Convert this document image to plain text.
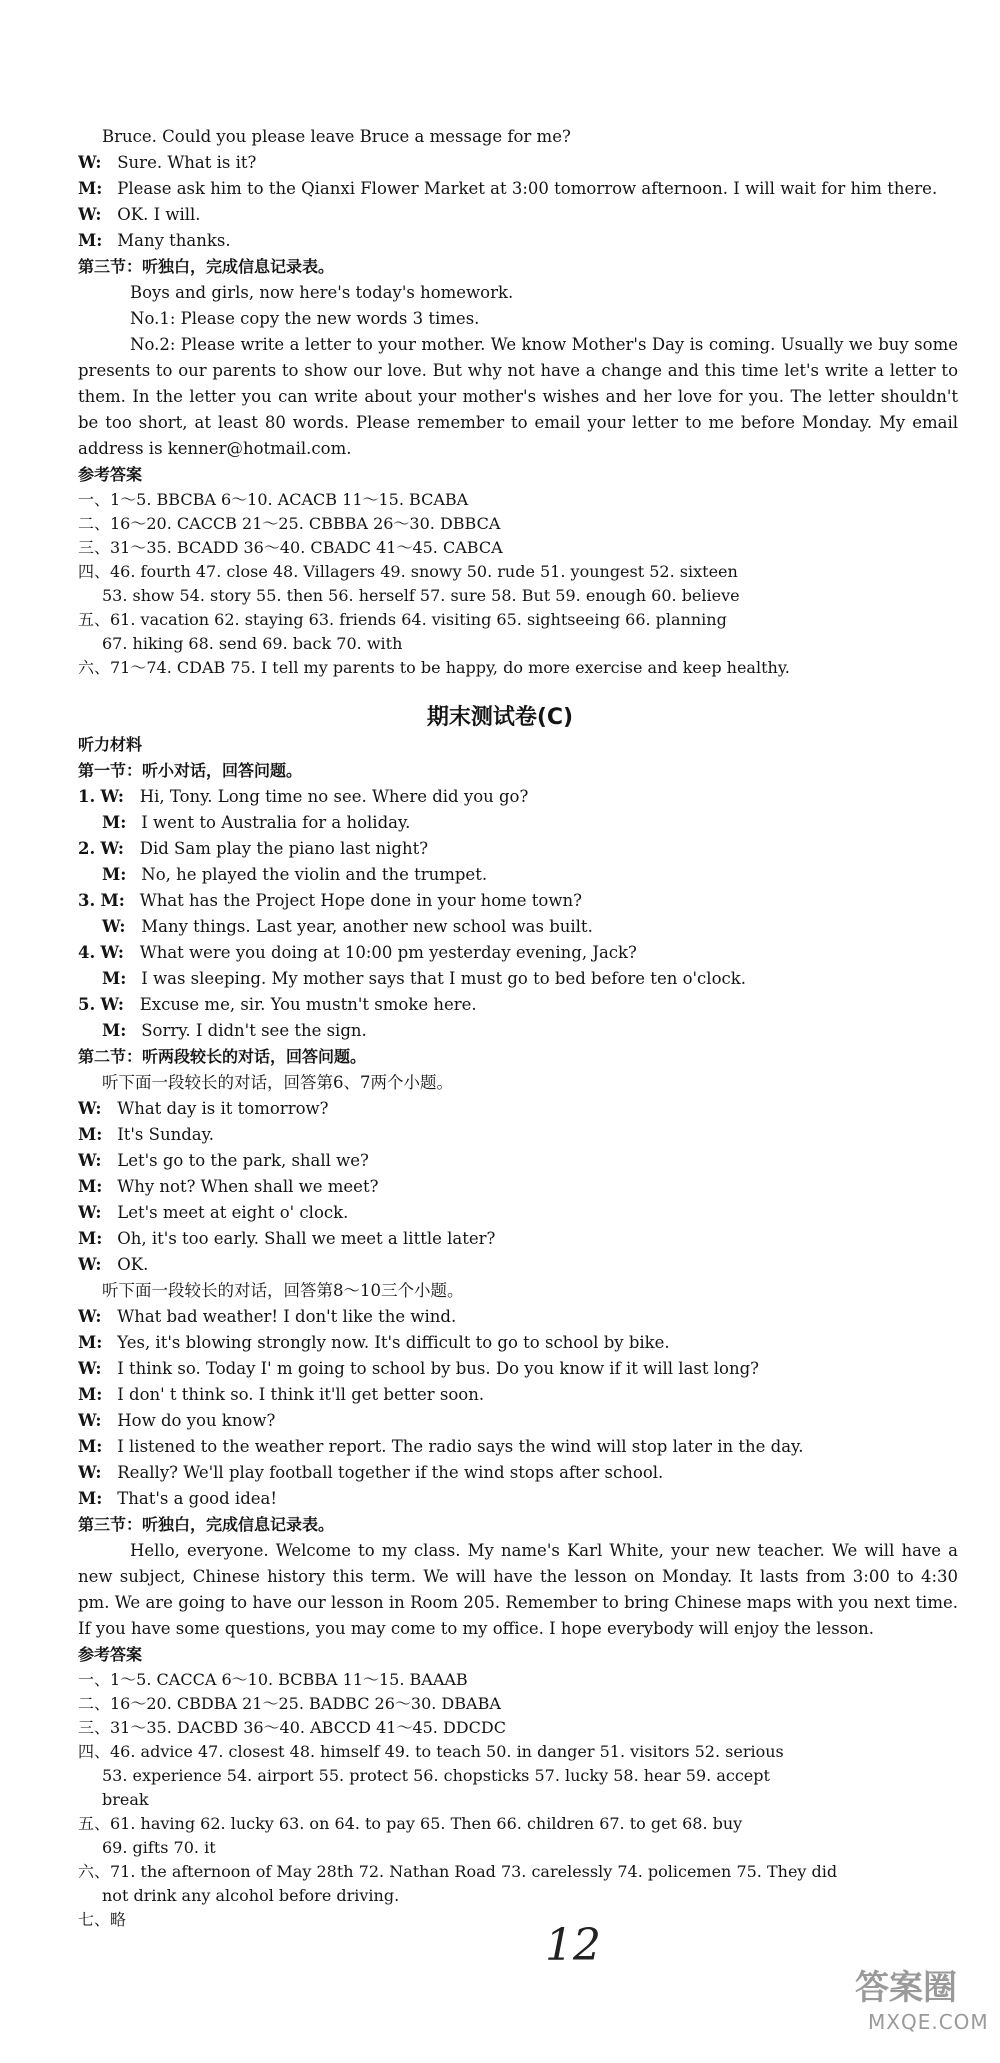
Bruce. Could you please leave Bruce a message for me?
W: Sure. What is it?
M: Please ask him to the Qianxi Flower Market at 3:00 tomorrow afternoon. I will wait for him there.
W: OK. I will.
M: Many thanks.
第三节：听独白，完成信息记录表。
Boys and girls, now here's today's homework.
No.1: Please copy the new words 3 times.
No.2: Please write a letter to your mother. We know Mother's Day is coming. Usually we buy some presents to our parents to show our love. But why not have a change and this time let's write a letter to them. In the letter you can write about your mother's wishes and her love for you. The letter shouldn't be too short, at least 80 words. Please remember to email your letter to me before Monday. My email address is kenner@hotmail.com.
参考答案
一、1～5. BBCBA 6～10. ACACB 11～15. BCABA
二、16～20. CACCB 21～25. CBBBA 26～30. DBBCA
三、31～35. BCADD 36～40. CBADC 41～45. CABCA
四、46. fourth 47. close 48. Villagers 49. snowy 50. rude 51. youngest 52. sixteen
53. show 54. story 55. then 56. herself 57. sure 58. But 59. enough 60. believe
五、61. vacation 62. staying 63. friends 64. visiting 65. sightseeing 66. planning
67. hiking 68. send 69. back 70. with
六、71～74. CDAB 75. I tell my parents to be happy, do more exercise and keep healthy.
期末测试卷(C)
听力材料
第一节：听小对话，回答问题。
1. W: Hi, Tony. Long time no see. Where did you go?
M: I went to Australia for a holiday.
2. W: Did Sam play the piano last night?
M: No, he played the violin and the trumpet.
3. M: What has the Project Hope done in your home town?
W: Many things. Last year, another new school was built.
4. W: What were you doing at 10:00 pm yesterday evening, Jack?
M: I was sleeping. My mother says that I must go to bed before ten o'clock.
5. W: Excuse me, sir. You mustn't smoke here.
M: Sorry. I didn't see the sign.
第二节：听两段较长的对话，回答问题。
听下面一段较长的对话，回答第6、7两个小题。
W: What day is it tomorrow?
M: It's Sunday.
W: Let's go to the park, shall we?
M: Why not? When shall we meet?
W: Let's meet at eight o' clock.
M: Oh, it's too early. Shall we meet a little later?
W: OK.
听下面一段较长的对话，回答第8～10三个小题。
W: What bad weather! I don't like the wind.
M: Yes, it's blowing strongly now. It's difficult to go to school by bike.
W: I think so. Today I' m going to school by bus. Do you know if it will last long?
M: I don' t think so. I think it'll get better soon.
W: How do you know?
M: I listened to the weather report. The radio says the wind will stop later in the day.
W: Really? We'll play football together if the wind stops after school.
M: That's a good idea!
第三节：听独白，完成信息记录表。
Hello, everyone. Welcome to my class. My name's Karl White, your new teacher. We will have a new subject, Chinese history this term. We will have the lesson on Monday. It lasts from 3:00 to 4:30 pm. We are going to have our lesson in Room 205. Remember to bring Chinese maps with you next time. If you have some questions, you may come to my office. I hope everybody will enjoy the lesson.
参考答案
一、1～5. CACCA 6～10. BCBBA 11～15. BAAAB
二、16～20. CBDBA 21～25. BADBC 26～30. DBABA
三、31～35. DACBD 36～40. ABCCD 41～45. DDCDC
四、46. advice 47. closest 48. himself 49. to teach 50. in danger 51. visitors 52. serious
53. experience 54. airport 55. protect 56. chopsticks 57. lucky 58. hear 59. accept
break
五、61. having 62. lucky 63. on 64. to pay 65. Then 66. children 67. to get 68. buy
69. gifts 70. it
六、71. the afternoon of May 28th 72. Nathan Road 73. carelessly 74. policemen 75. They did
not drink any alcohol before driving.
七、略
12
答案圈
MXQE.COM
